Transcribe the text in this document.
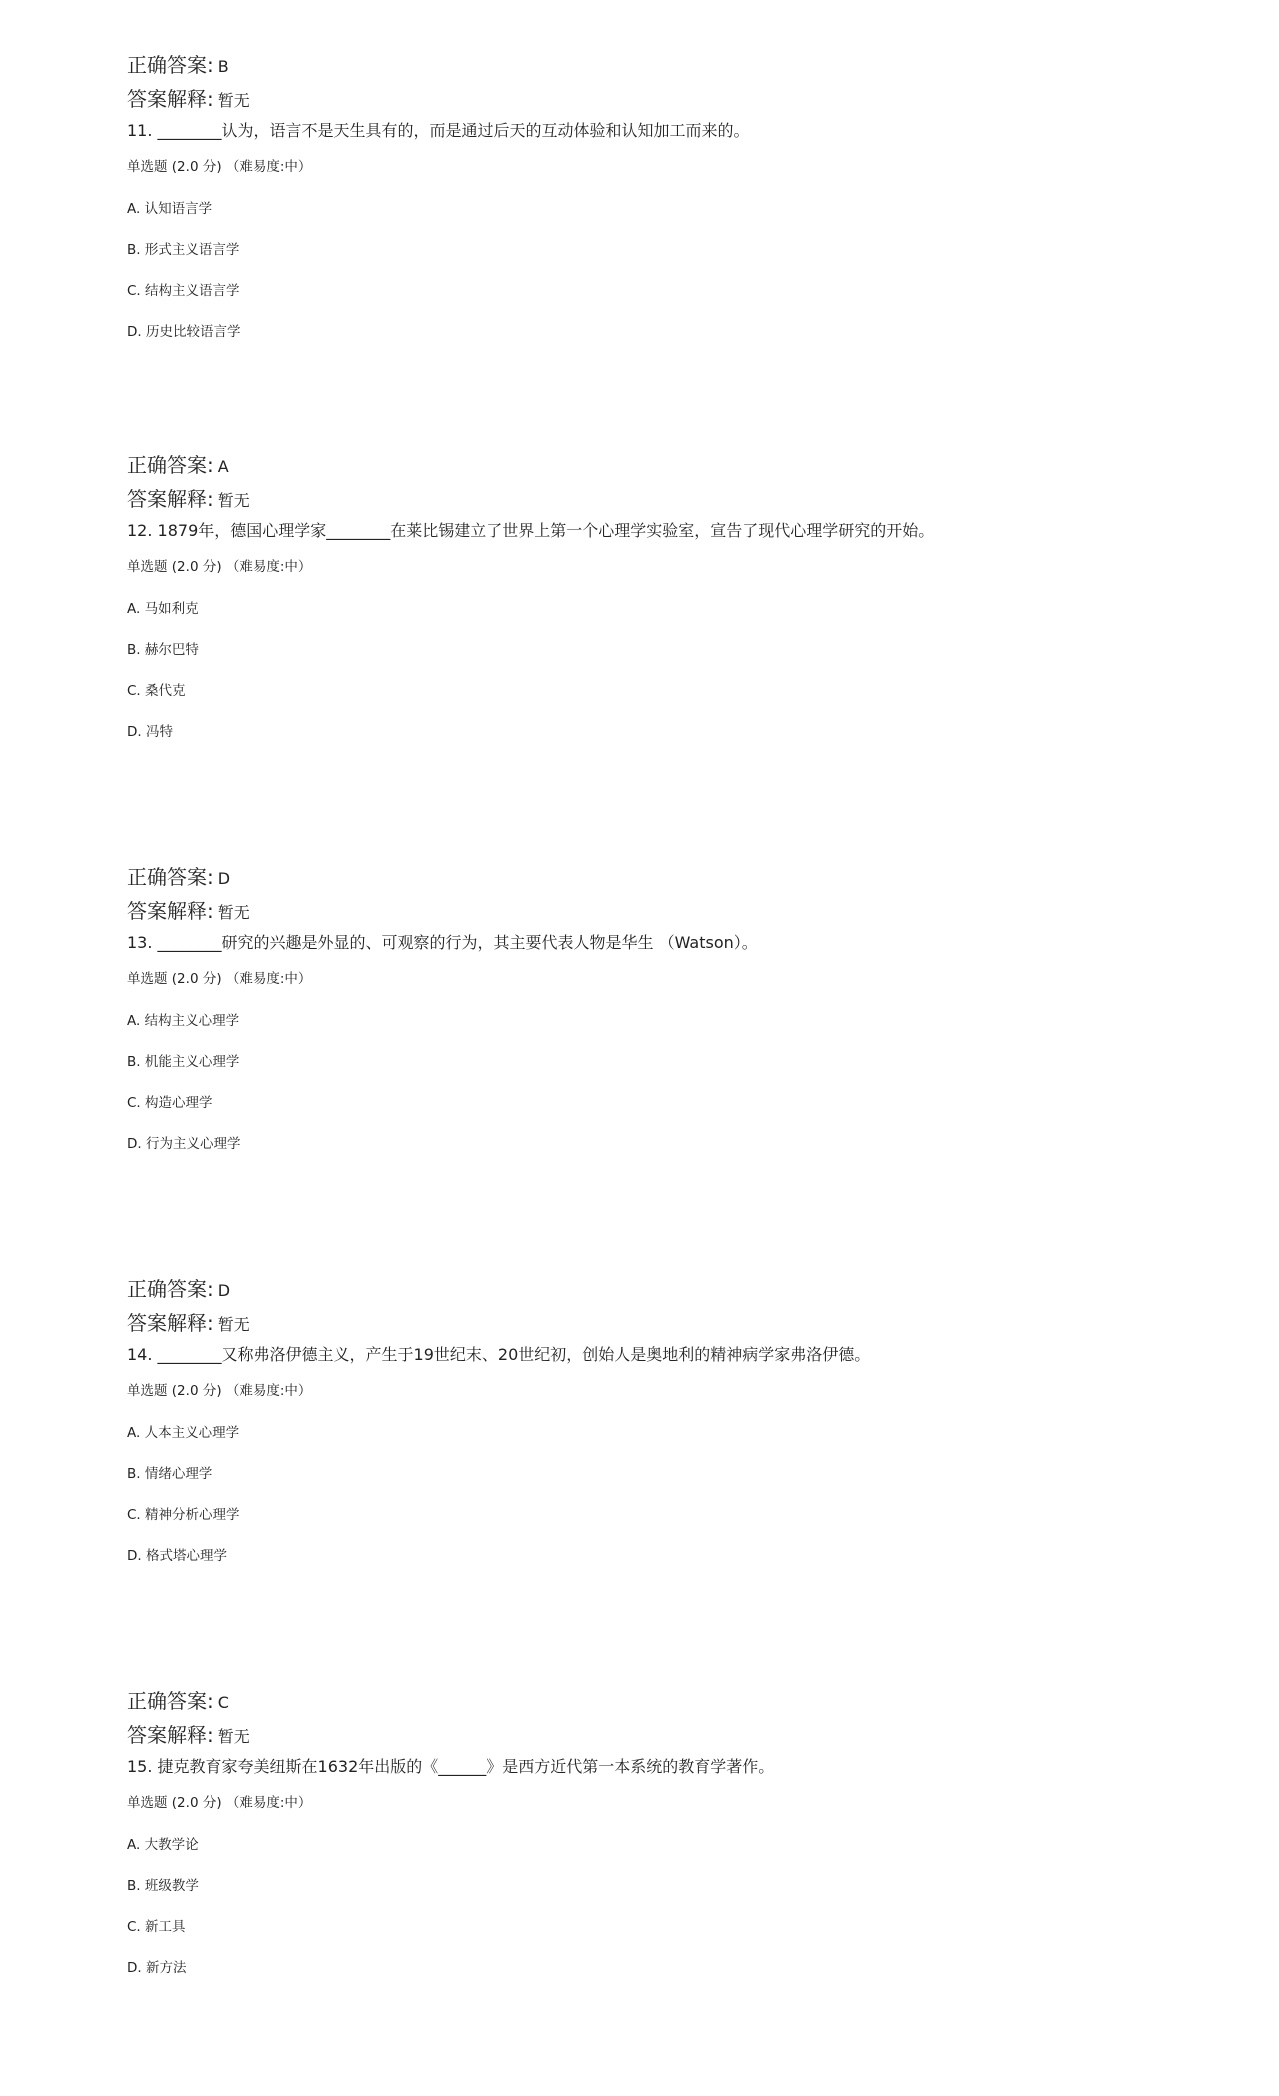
正确答案: B
答案解释: 暂无
11. ________认为，语言不是天生具有的，而是通过后天的互动体验和认知加工而来的。
单选题 (2.0 分) （难易度:中）
A. 认知语言学
B. 形式主义语言学
C. 结构主义语言学
D. 历史比较语言学
正确答案: A
答案解释: 暂无
12. 1879年，德国心理学家________在莱比锡建立了世界上第一个心理学实验室，宣告了现代心理学研究的开始。
单选题 (2.0 分) （难易度:中）
A. 马如利克
B. 赫尔巴特
C. 桑代克
D. 冯特
正确答案: D
答案解释: 暂无
13. ________研究的兴趣是外显的、可观察的行为，其主要代表人物是华生 （Watson）。
单选题 (2.0 分) （难易度:中）
A. 结构主义心理学
B. 机能主义心理学
C. 构造心理学
D. 行为主义心理学
正确答案: D
答案解释: 暂无
14. ________又称弗洛伊德主义，产生于19世纪末、20世纪初，创始人是奥地利的精神病学家弗洛伊德。
单选题 (2.0 分) （难易度:中）
A. 人本主义心理学
B. 情绪心理学
C. 精神分析心理学
D. 格式塔心理学
正确答案: C
答案解释: 暂无
15. 捷克教育家夸美纽斯在1632年出版的《______》是西方近代第一本系统的教育学著作。
单选题 (2.0 分) （难易度:中）
A. 大教学论
B. 班级教学
C. 新工具
D. 新方法
